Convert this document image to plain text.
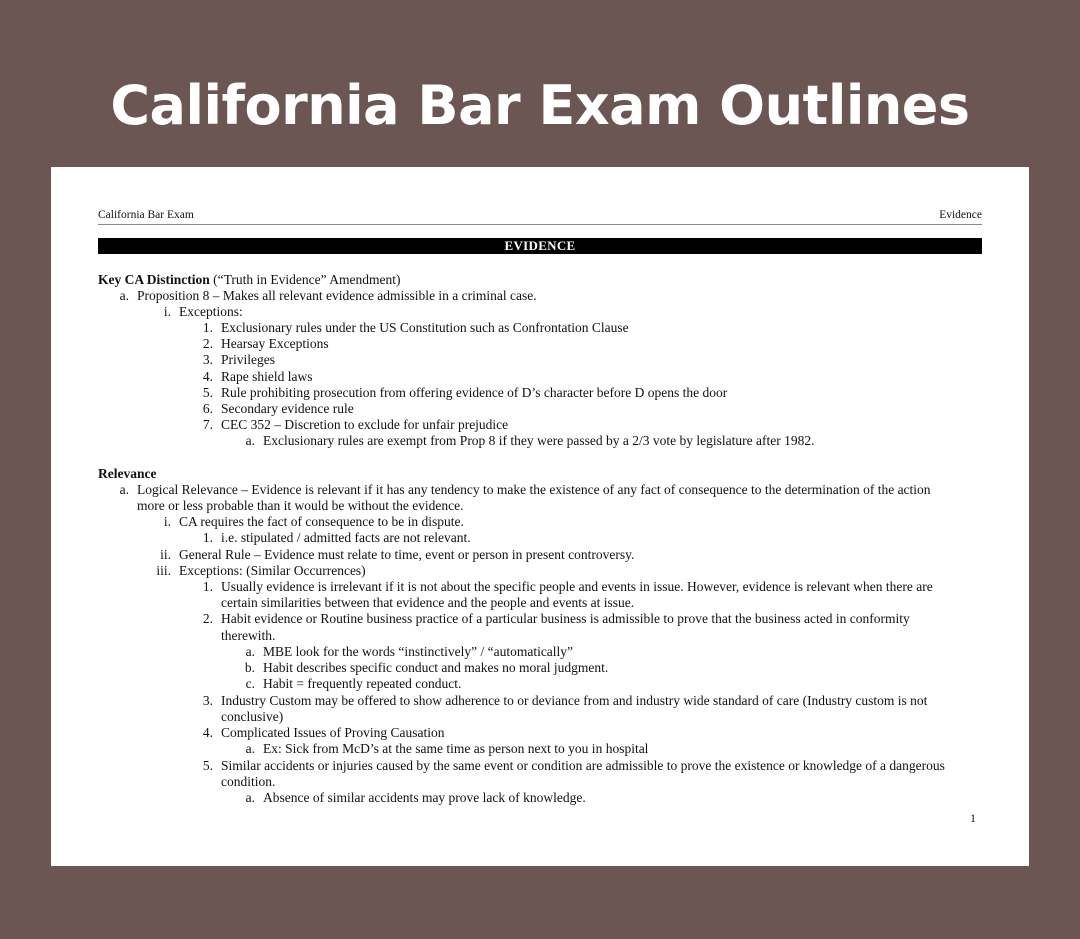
California Bar Exam Outlines
California Bar Exam	Evidence
EVIDENCE
Key CA Distinction (“Truth in Evidence” Amendment)
a. Proposition 8 – Makes all relevant evidence admissible in a criminal case.
i. Exceptions:
1. Exclusionary rules under the US Constitution such as Confrontation Clause
2. Hearsay Exceptions
3. Privileges
4. Rape shield laws
5. Rule prohibiting prosecution from offering evidence of D’s character before D opens the door
6. Secondary evidence rule
7. CEC 352 – Discretion to exclude for unfair prejudice
a. Exclusionary rules are exempt from Prop 8 if they were passed by a 2/3 vote by legislature after 1982.
Relevance
a. Logical Relevance – Evidence is relevant if it has any tendency to make the existence of any fact of consequence to the determination of the action
more or less probable than it would be without the evidence.
i. CA requires the fact of consequence to be in dispute.
1. i.e. stipulated / admitted facts are not relevant.
ii. General Rule – Evidence must relate to time, event or person in present controversy.
iii. Exceptions: (Similar Occurrences)
1. Usually evidence is irrelevant if it is not about the specific people and events in issue. However, evidence is relevant when there are
certain similarities between that evidence and the people and events at issue.
2. Habit evidence or Routine business practice of a particular business is admissible to prove that the business acted in conformity
therewith.
a. MBE look for the words “instinctively” / “automatically”
b. Habit describes specific conduct and makes no moral judgment.
c. Habit = frequently repeated conduct.
3. Industry Custom may be offered to show adherence to or deviance from and industry wide standard of care (Industry custom is not
conclusive)
4. Complicated Issues of Proving Causation
a. Ex: Sick from McD’s at the same time as person next to you in hospital
5. Similar accidents or injuries caused by the same event or condition are admissible to prove the existence or knowledge of a dangerous
condition.
a. Absence of similar accidents may prove lack of knowledge.
1
